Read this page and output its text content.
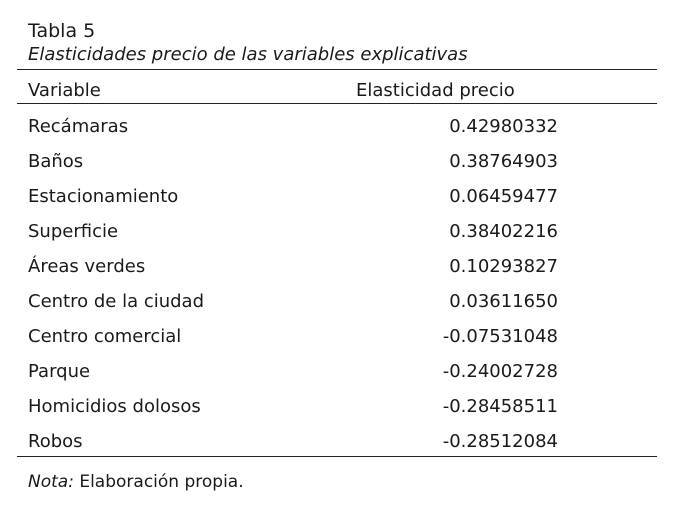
Tabla 5
Elasticidades precio de las variables explicativas
Variable	Elasticidad precio
Recámaras	0.42980332
Baños	0.38764903
Estacionamiento	0.06459477
Superficie	0.38402216
Áreas verdes	0.10293827
Centro de la ciudad	0.03611650
Centro comercial	-0.07531048
Parque	-0.24002728
Homicidios dolosos	-0.28458511
Robos	-0.28512084
Nota: Elaboración propia.
